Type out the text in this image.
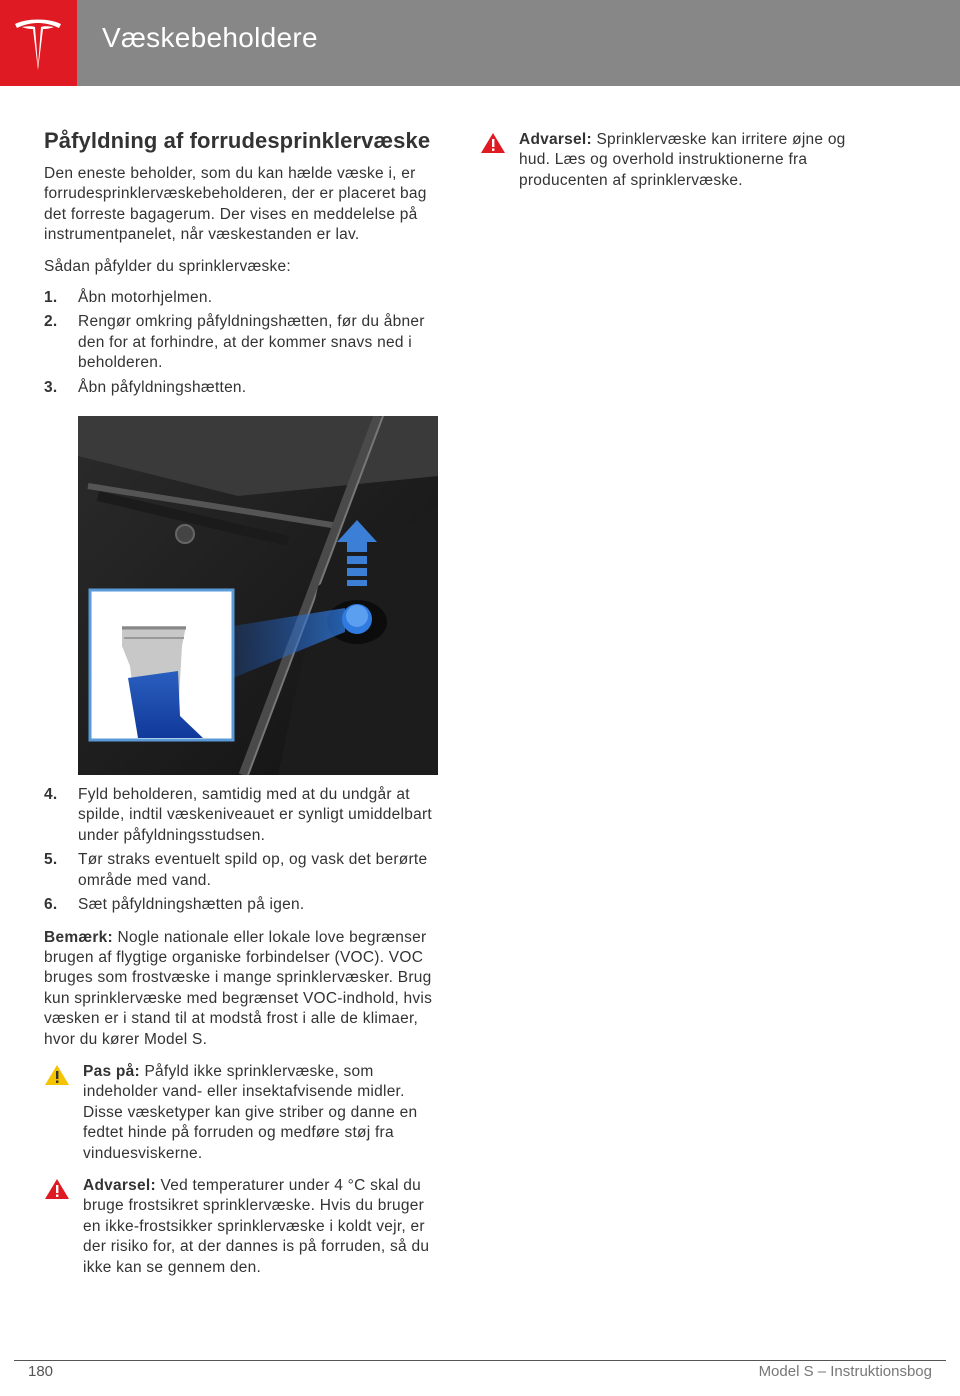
Væskebeholdere
Påfyldning af forrudesprinklervæske

Den eneste beholder, som du kan hælde væske i, er forrudesprinklervæskebeholderen, der er placeret bag det forreste bagagerum. Der vises en meddelelse på instrumentpanelet, når væskestanden er lav.

Sådan påfylder du sprinklervæske:

1. Åbn motorhjelmen.
2. Rengør omkring påfyldningshætten, før du åbner den for at forhindre, at der kommer snavs ned i beholderen.
3. Åbn påfyldningshætten.
4. Fyld beholderen, samtidig med at du undgår at spilde, indtil væskeniveauet er synligt umiddelbart under påfyldningsstudsen.
5. Tør straks eventuelt spild op, og vask det berørte område med vand.
6. Sæt påfyldningshætten på igen.

Bemærk: Nogle nationale eller lokale love begrænser brugen af flygtige organiske forbindelser (VOC). VOC bruges som frostvæske i mange sprinklervæsker. Brug kun sprinklervæske med begrænset VOC-indhold, hvis væsken er i stand til at modstå frost i alle de klimaer, hvor du kører Model S.

Pas på: Påfyld ikke sprinklervæske, som indeholder vand- eller insektafvisende midler. Disse væsketyper kan give striber og danne en fedtet hinde på forruden og medføre støj fra vinduesviskerne.

Advarsel: Ved temperaturer under 4 °C skal du bruge frostsikret sprinklervæske. Hvis du bruger en ikke-frostsikker sprinklervæske i koldt vejr, er der risiko for, at der dannes is på forruden, så du ikke kan se gennem den.

Advarsel: Sprinklervæske kan irritere øjne og hud. Læs og overhold instruktionerne fra producenten af sprinklervæske.

180	Model S – Instruktionsbog
